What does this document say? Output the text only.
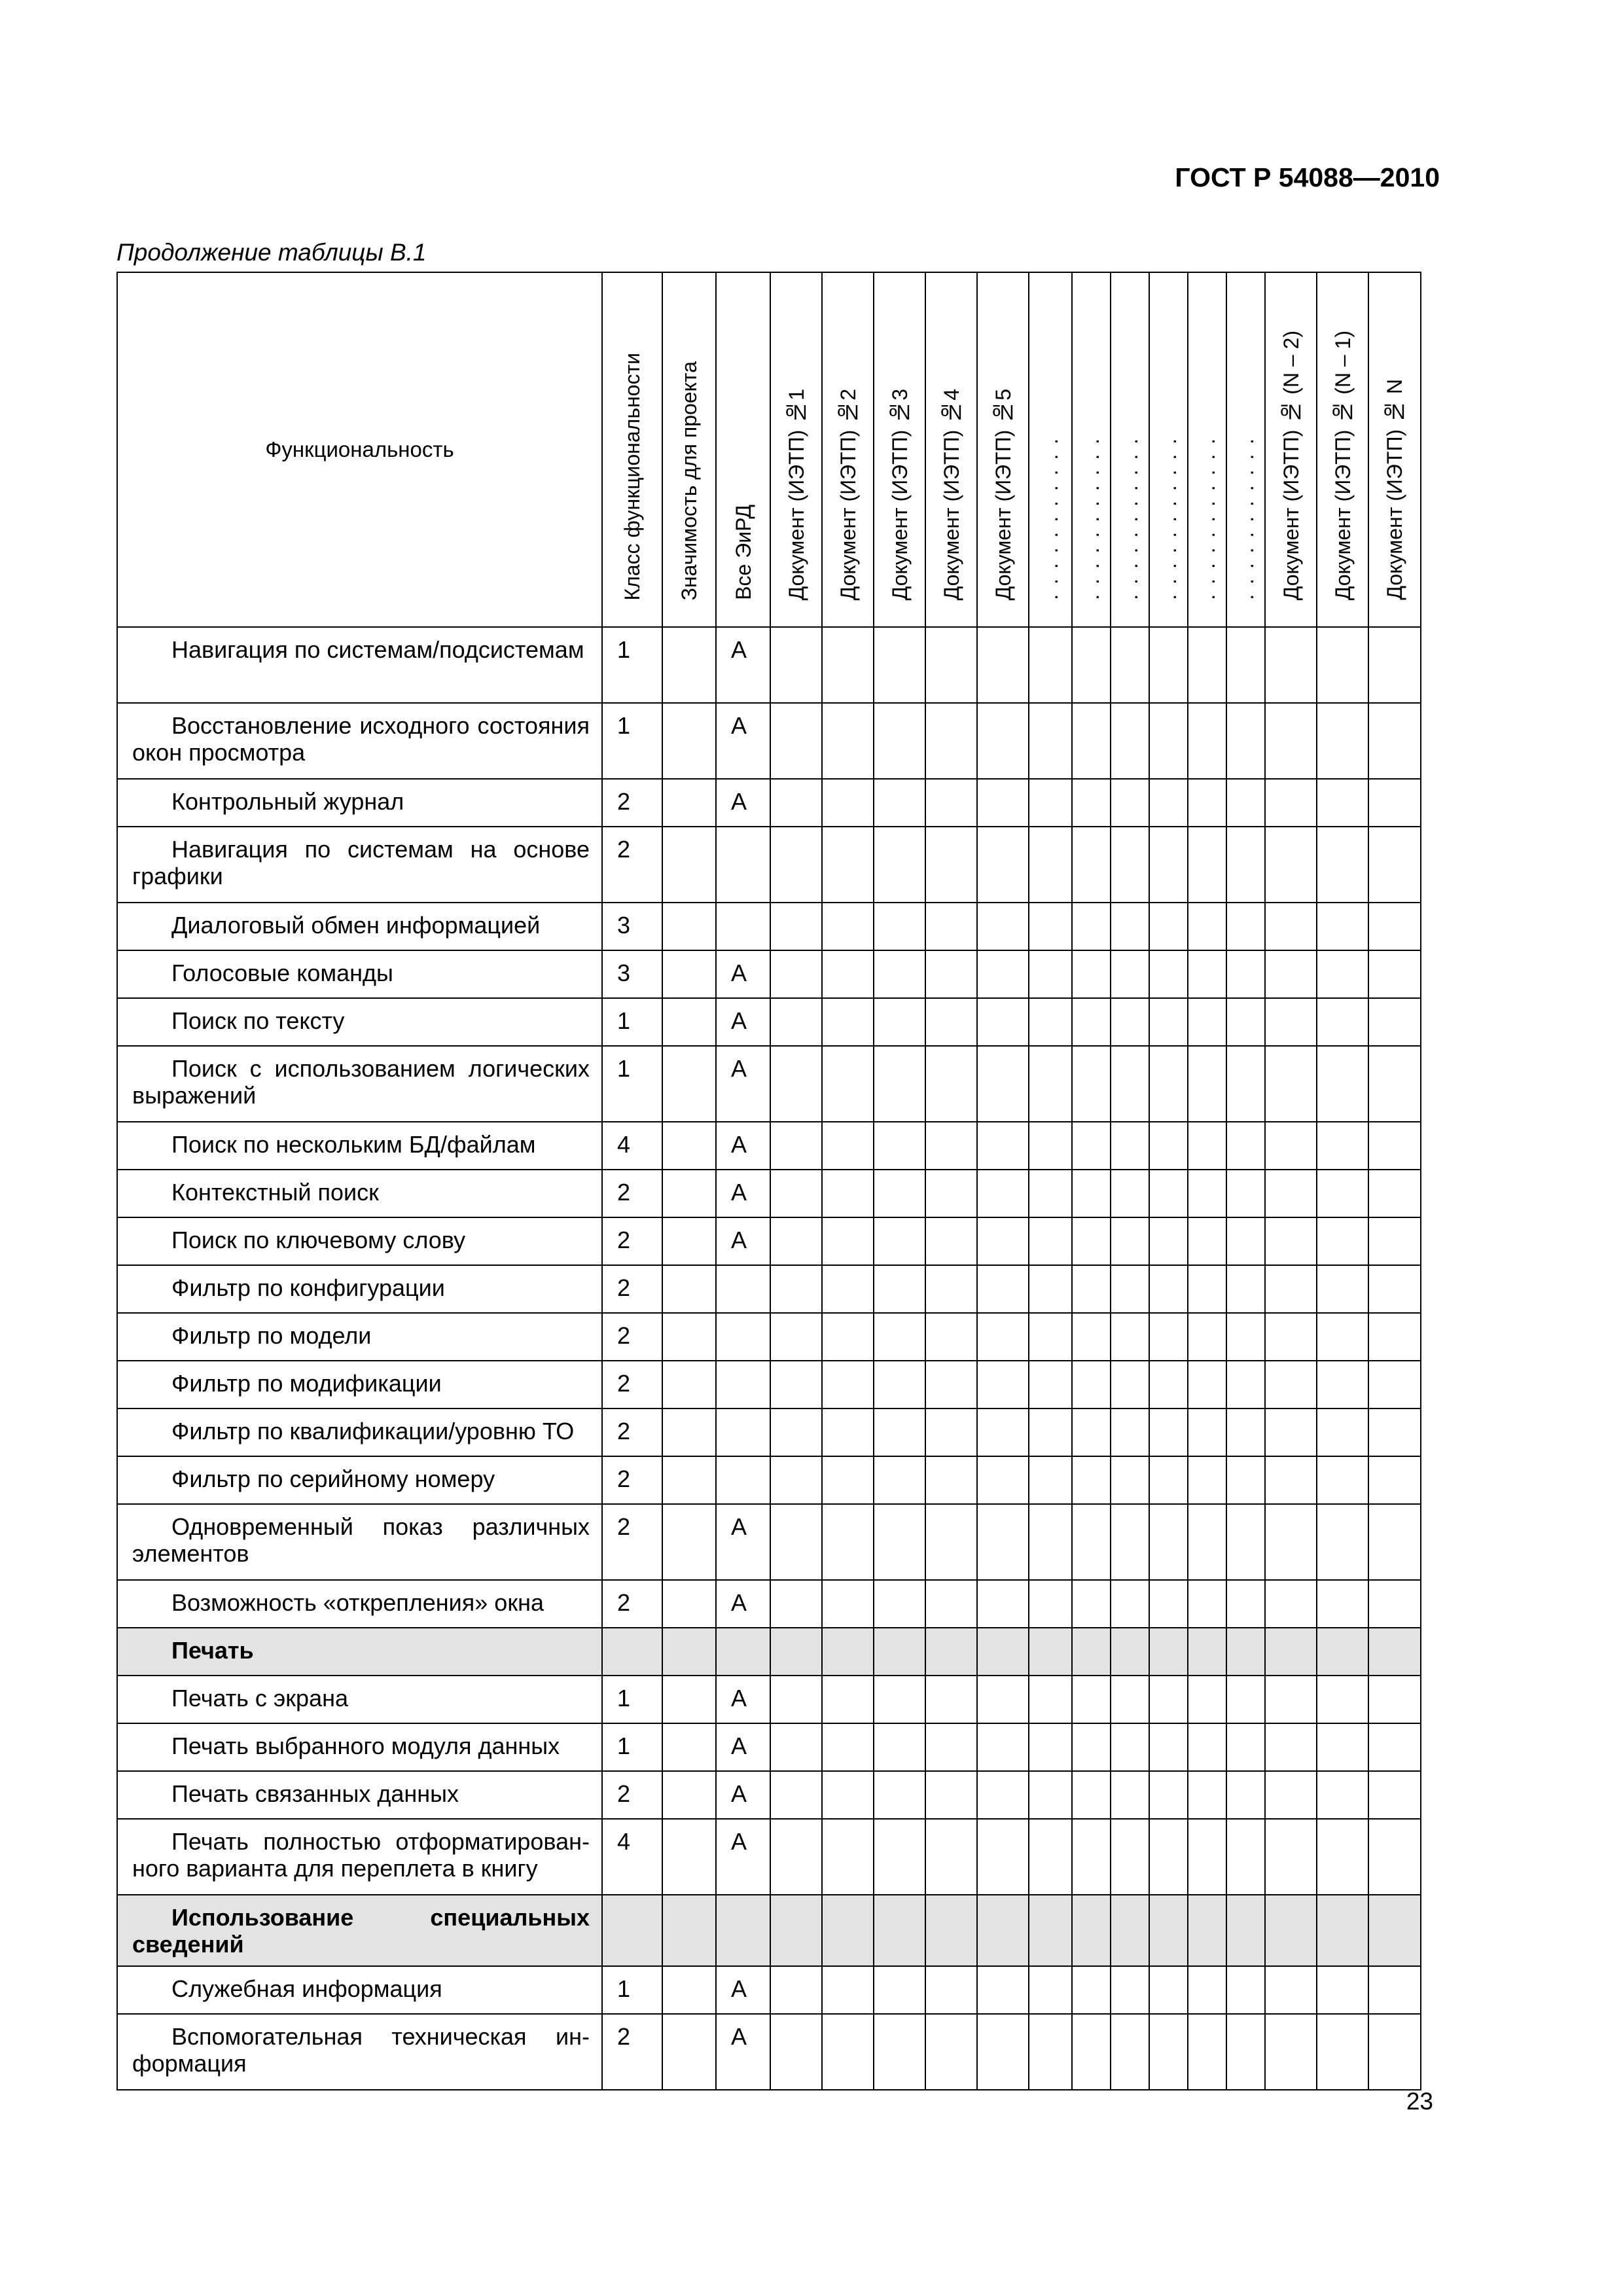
ГОСТ Р 54088—2010
Продолжение таблицы В.1
Функциональность	Класс функциональности	Значимость для проекта	Все ЭиРД	Документ (ИЭТП) №1	Документ (ИЭТП) №2	Документ (ИЭТП) №3	Документ (ИЭТП) №4	Документ (ИЭТП) №5	. . . . . . . . . . .	. . . . . . . . . . .	. . . . . . . . . . .	. . . . . . . . . . .	. . . . . . . . . . .	. . . . . . . . . . .	Документ (ИЭТП) № (N – 2)	Документ (ИЭТП) № (N – 1)	Документ (ИЭТП) № N

Навигация по системам/подсистемам	1		A														

Восстановление исходного состояния окон просмотра	1		A														

Контрольный журнал	2		A														

Навигация по системам на основе графики	2																

Диалоговый обмен информацией	3																

Голосовые команды	3		A														

Поиск по тексту	1		A														

Поиск с использованием логических выражений	1		A														

Поиск по нескольким БД/файлам	4		A														

Контекстный поиск	2		A														

Поиск по ключевому слову	2		A														

Фильтр по конфигурации	2																

Фильтр по модели	2																

Фильтр по модификации	2																

Фильтр по квалификации/уровню ТО	2																

Фильтр по серийному номеру	2																

Одновременный показ различных элементов	2		A														

Возможность «открепления» окна	2		A														

Печать																	

Печать с экрана	1		A														

Печать выбранного модуля данных	1		A														

Печать связанных данных	2		A														

Печать полностью отформатированного варианта для переплета в книгу	4		A														

Использование специальных сведений																	

Служебная информация	1		A														

Вспомогательная техническая информация	2		A														
23
